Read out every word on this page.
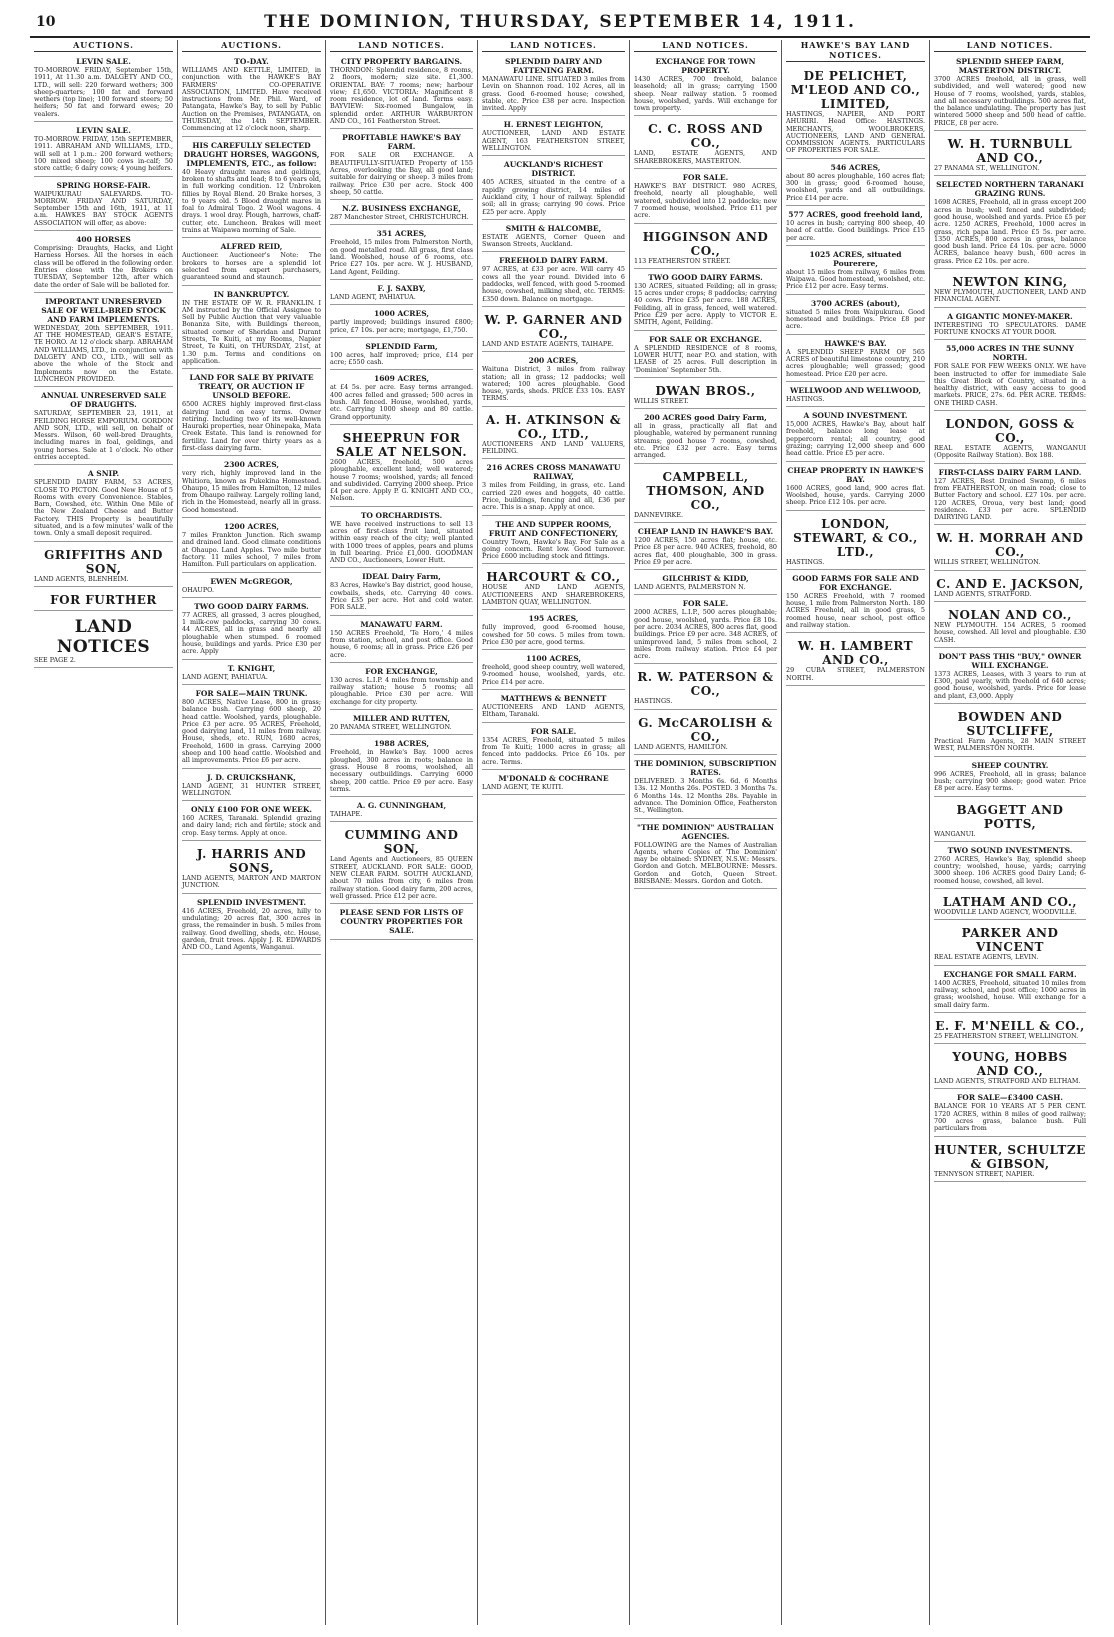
10	THE DOMINION, THURSDAY, SEPTEMBER 14, 1911.
AUCTIONS.
LEVIN SALE.

TO-MORROW. FRIDAY, September 15th, 1911, At 11.30 a.m. DALGETY AND CO., LTD., will sell: 220 forward wethers; 300 sheep-quarters; 100 fat and forward wethers (top line); 100 forward steers; 50 heifers; 50 fat and forward ewes; 20 vealers.

LEVIN SALE.

TO-MORROW. FRIDAY, 15th SEPTEMBER, 1911. ABRAHAM AND WILLIAMS, LTD., will sell at 1 p.m.: 200 forward wethers; 100 mixed sheep; 100 cows in-calf; 50 store cattle; 6 dairy cows; 4 young heifers.

SPRING HORSE-FAIR.

WAIPUKURAU SALEYARDS. TO-MORROW. FRIDAY AND SATURDAY, September 15th and 16th, 1911, at 11 a.m. HAWKES BAY STOCK AGENTS ASSOCIATION will offer, as above:

400 HORSES

Comprising: Draughts, Hacks, and Light Harness Horses. All the horses in each class will be offered in the following order. Entries close with the Brokers on TUESDAY, September 12th, after which date the order of Sale will be balloted for.

IMPORTANT UNRESERVED SALE OF WELL-BRED STOCK AND FARM IMPLEMENTS.

WEDNESDAY, 20th SEPTEMBER, 1911. AT THE HOMESTEAD, GEAR'S ESTATE, TE HORO. At 12 o'clock sharp. ABRAHAM AND WILLIAMS, LTD., in conjunction with DALGETY AND CO., LTD., will sell as above the whole of the Stock and Implements now on the Estate. LUNCHEON PROVIDED.

ANNUAL UNRESERVED SALE OF DRAUGHTS.

SATURDAY, SEPTEMBER 23, 1911, at FEILDING HORSE EMPORIUM. GORDON AND SON, LTD., will sell, on behalf of Messrs. Wilson, 60 well-bred Draughts, including mares in foal, geldings, and young horses. Sale at 1 o'clock. No other entries accepted.

A SNIP.

SPLENDID DAIRY FARM, 53 ACRES, CLOSE TO PICTON. Good New House of 5 Rooms with every Convenience. Stables, Barn, Cowshed, etc. Within One Mile of the New Zealand Cheese and Butter Factory. THIS Property is beautifully situated, and is a few minutes' walk of the town. Only a small deposit required.

GRIFFITHS AND SON,

LAND AGENTS, BLENHEIM.

FOR FURTHER
LAND NOTICES

SEE PAGE 2.

AUCTIONS.
TO-DAY.

WILLIAMS AND KETTLE, LIMITED, in conjunction with the HAWKE'S BAY FARMERS' CO-OPERATIVE ASSOCIATION, LIMITED. Have received instructions from Mr. Phil. Ward, of Patangata, Hawke's Bay, to sell by Public Auction on the Premises, PATANGATA, on THURSDAY, the 14th SEPTEMBER. Commencing at 12 o'clock noon, sharp.

HIS CAREFULLY SELECTED DRAUGHT HORSES, WAGGONS, IMPLEMENTS, ETC., as follow:

40 Heavy draught mares and geldings, broken to shafts and lead; 8 to 6 years old, in full working condition. 12 Unbroken fillies by Royal Blend. 20 Brake horses, 3 to 9 years old. 5 Blood draught mares in foal to Admiral Togo. 2 Wool wagons. 4 drays. 1 wool dray. Plough, harrows, chaff-cutter, etc. Luncheon. Brakes will meet trains at Waipawa morning of Sale.

ALFRED REID,

Auctioneer. Auctioneer's Note: The brokers to horses are a splendid lot selected from expert purchasers, guaranteed sound and staunch.

IN BANKRUPTCY.

IN THE ESTATE OF W. R. FRANKLIN. I AM instructed by the Official Assignee to Sell by Public Auction that very valuable Bonanza Site, with Buildings thereon, situated corner of Sheridan and Durant Streets, Te Kuiti, at my Rooms, Napier Street, Te Kuiti, on THURSDAY, 21st, at 1.30 p.m. Terms and conditions on application.

LAND FOR SALE BY PRIVATE TREATY, OR AUCTION IF UNSOLD BEFORE.

6500 ACRES highly improved first-class dairying land on easy terms. Owner retiring. Including two of its well-known Hauraki properties, near Ohinepaka, Mata Creek Estate. This land is renowned for fertility. Land for over thirty years as a first-class dairying farm.

2300 ACRES,

very rich, highly improved land in the Whitiora, known as Pukekina Homestead. Ohaupo, 15 miles from Hamilton, 12 miles from Ohaupo railway. Largely rolling land, rich in the Homestead, nearly all in grass. Good homestead.

1200 ACRES,

7 miles Frankton Junction. Rich swamp and drained land. Good climate conditions at Ohaupo. Land Apples. Two mile butter factory. 11 miles school, 7 miles from Hamilton. Full particulars on application.

EWEN McGREGOR,

OHAUPO.

TWO GOOD DAIRY FARMS.

77 ACRES, all grassed, 3 acres ploughed, 1 milk-cow paddocks, carrying 30 cows. 44 ACRES, all in grass and nearly all ploughable when stumped. 6 roomed house, buildings and yards. Price £30 per acre. Apply

T. KNIGHT,

LAND AGENT, PAHIATUA.

FOR SALE—MAIN TRUNK.

800 ACRES, Native Lease, 800 in grass; balance bush. Carrying 600 sheep, 20 head cattle. Woolshed, yards, ploughable. Price £3 per acre. 95 ACRES, Freehold, good dairying land, 11 miles from railway. House, sheds, etc. RUN, 1680 acres, Freehold, 1600 in grass. Carrying 2000 sheep and 100 head cattle. Woolshed and all improvements. Price £6 per acre.

J. D. CRUICKSHANK,

LAND AGENT, 31 HUNTER STREET, WELLINGTON.

ONLY £100 FOR ONE WEEK.

160 ACRES, Taranaki. Splendid grazing and dairy land; rich and fertile; stock and crop. Easy terms. Apply at once.

J. HARRIS AND SONS,

LAND AGENTS, MARTON AND MARTON JUNCTION.

SPLENDID INVESTMENT.

416 ACRES, Freehold, 20 acres, hilly to undulating; 20 acres flat, 300 acres in grass, the remainder in bush. 5 miles from railway. Good dwelling, sheds, etc. House, garden, fruit trees. Apply J. R. EDWARDS AND CO., Land Agents, Wanganui.

LAND NOTICES.
CITY PROPERTY BARGAINS.

THORNDON: Splendid residence, 8 rooms, 2 floors, modern; size site. £1,300. ORIENTAL BAY: 7 rooms; new; harbour view; £1,650. VICTORIA: Magnificent 8 room residence, lot of land. Terms easy. BAYVIEW: Six-roomed Bungalow, in splendid order. ARTHUR WARBURTON AND CO., 161 Featherston Street.

PROFITABLE HAWKE'S BAY FARM.

FOR SALE OR EXCHANGE. A BEAUTIFULLY-SITUATED Property of 155 Acres, overlooking the Bay, all good land; suitable for dairying or sheep. 3 miles from railway. Price £30 per acre. Stock 400 sheep, 50 cattle.

N.Z. BUSINESS EXCHANGE,

287 Manchester Street, CHRISTCHURCH.

351 ACRES,

Freehold, 15 miles from Palmerston North, on good metalled road. All grass, first class land. Woolshed, house of 6 rooms, etc. Price £27 10s. per acre. W. J. HUSBAND, Land Agent, Feilding.

F. J. SAXBY,

LAND AGENT, PAHIATUA.

1000 ACRES,

partly improved; buildings insured £800; price, £7 10s. per acre; mortgage, £1,750.

SPLENDID Farm,

100 acres, half improved; price, £14 per acre; £550 cash.

1609 ACRES,

at £4 5s. per acre. Easy terms arranged. 400 acres felled and grassed; 500 acres in bush. All fenced. House, woolshed, yards, etc. Carrying 1000 sheep and 80 cattle. Grand opportunity.

SHEEPRUN FOR SALE AT NELSON.

2600 ACRES, freehold, 500 acres ploughable, excellent land; well watered; house 7 rooms; woolshed, yards; all fenced and subdivided. Carrying 2000 sheep. Price £4 per acre. Apply P. G. KNIGHT AND CO., Nelson.

TO ORCHARDISTS.

WE have received instructions to sell 13 acres of first-class fruit land, situated within easy reach of the city; well planted with 1000 trees of apples, pears and plums in full bearing. Price £1,000. GOODMAN AND CO., Auctioneers, Lower Hutt.

IDEAL Dairy Farm,

83 Acres, Hawke's Bay district, good house, cowbails, sheds, etc. Carrying 40 cows. Price £35 per acre. Hot and cold water. FOR SALE.

MANAWATU FARM.

150 ACRES Freehold, 'Te Horo,' 4 miles from station, school, and post office. Good house, 6 rooms; all in grass. Price £26 per acre.

FOR EXCHANGE,

130 acres. L.I.P. 4 miles from township and railway station; house 5 rooms; all ploughable. Price £30 per acre. Will exchange for city property.

MILLER AND RUTTEN,

20 PANAMA STREET, WELLINGTON.

1988 ACRES,

Freehold, in Hawke's Bay. 1000 acres ploughed, 300 acres in roots; balance in grass. House 8 rooms, woolshed, all necessary outbuildings. Carrying 6000 sheep, 200 cattle. Price £9 per acre. Easy terms.

A. G. CUNNINGHAM,

TAIHAPE.

CUMMING AND SON,

Land Agents and Auctioneers, 85 QUEEN STREET, AUCKLAND. FOR SALE: GOOD, NEW CLEAR FARM. SOUTH AUCKLAND, about 70 miles from city, 6 miles from railway station. Good dairy farm, 200 acres, well grassed. Price £12 per acre.

PLEASE SEND FOR LISTS OF COUNTRY PROPERTIES FOR SALE.
LAND NOTICES.
SPLENDID DAIRY AND FATTENING FARM.

MANAWATU LINE. SITUATED 3 miles from Levin on Shannon road. 102 Acres, all in grass. Good 6-roomed house; cowshed, stable, etc. Price £38 per acre. Inspection invited. Apply

H. ERNEST LEIGHTON,

AUCTIONEER, LAND AND ESTATE AGENT, 163 FEATHERSTON STREET, WELLINGTON.

AUCKLAND'S RICHEST DISTRICT.

405 ACRES, situated in the centre of a rapidly growing district, 14 miles of Auckland city, 1 hour of railway. Splendid soil; all in grass; carrying 90 cows. Price £25 per acre. Apply

SMITH & HALCOMBE,

ESTATE AGENTS, Corner Queen and Swanson Streets, Auckland.

FREEHOLD DAIRY FARM.

97 ACRES, at £33 per acre. Will carry 45 cows all the year round. Divided into 6 paddocks, well fenced, with good 5-roomed house, cowshed, milking shed, etc. TERMS: £350 down. Balance on mortgage.

W. P. GARNER AND CO.,

LAND AND ESTATE AGENTS, TAIHAPE.

200 ACRES,

Waituna District, 3 miles from railway station; all in grass; 12 paddocks; well watered; 100 acres ploughable. Good house, yards, sheds. PRICE £33 10s. EASY TERMS.

A. H. ATKINSON & CO., LTD.,

AUCTIONEERS AND LAND VALUERS, FEILDING.

216 ACRES CROSS MANAWATU RAILWAY,

3 miles from Feilding, in grass, etc. Land carried 220 ewes and hoggets, 40 cattle. Price, buildings, fencing and all, £36 per acre. This is a snap. Apply at once.

THE AND SUPPER ROOMS, FRUIT AND CONFECTIONERY,

Country Town, Hawke's Bay. For Sale as a going concern. Rent low. Good turnover. Price £600 including stock and fittings.

HARCOURT & CO.,

HOUSE AND LAND AGENTS, AUCTIONEERS AND SHAREBROKERS, LAMBTON QUAY, WELLINGTON.

195 ACRES,

fully improved, good 6-roomed house, cowshed for 50 cows. 5 miles from town. Price £30 per acre, good terms.

1100 ACRES,

freehold, good sheep country, well watered, 9-roomed house, woolshed, yards, etc. Price £14 per acre.

MATTHEWS & BENNETT

AUCTIONEERS AND LAND AGENTS, Eltham, Taranaki.

FOR SALE.

1354 ACRES, Freehold, situated 5 miles from Te Kuiti; 1000 acres in grass; all fenced into paddocks. Price £6 10s. per acre. Terms.

M'DONALD & COCHRANE

LAND AGENT, TE KUITI.

LAND NOTICES.
EXCHANGE FOR TOWN PROPERTY.

1430 ACRES, 700 freehold, balance leasehold; all in grass; carrying 1500 sheep. Near railway station. 5 roomed house, woolshed, yards. Will exchange for town property.

C. C. ROSS AND CO.,

LAND, ESTATE AGENTS, AND SHAREBROKERS, MASTERTON.

FOR SALE.

HAWKE'S BAY DISTRICT. 980 ACRES, freehold, nearly all ploughable, well watered, subdivided into 12 paddocks; new 7 roomed house, woolshed. Price £11 per acre.

HIGGINSON AND CO.,

113 FEATHERSTON STREET.

TWO GOOD DAIRY FARMS.

130 ACRES, situated Feilding; all in grass; 15 acres under crops; 8 paddocks; carrying 40 cows. Price £35 per acre. 188 ACRES, Feilding, all in grass, fenced, well watered. Price £29 per acre. Apply to VICTOR E. SMITH, Agent, Feilding.

FOR SALE OR EXCHANGE.

A SPLENDID RESIDENCE of 8 rooms, LOWER HUTT, near P.O. and station, with LEASE of 25 acres. Full description in 'Dominion' September 5th.

DWAN BROS.,

WILLIS STREET.

200 ACRES good Dairy Farm,

all in grass, practically all flat and ploughable, watered by permanent running streams; good house 7 rooms, cowshed, etc. Price £32 per acre. Easy terms arranged.

CAMPBELL, THOMSON, AND CO.,

DANNEVIRKE.

CHEAP LAND IN HAWKE'S BAY.

1200 ACRES, 150 acres flat; house, etc. Price £8 per acre. 940 ACRES, freehold, 80 acres flat, 400 ploughable, 300 in grass. Price £9 per acre.

GILCHRIST & KIDD,

LAND AGENTS, PALMERSTON N.

FOR SALE.

2000 ACRES, L.I.P., 500 acres ploughable; good house, woolshed, yards. Price £8 10s. per acre. 2034 ACRES, 800 acres flat, good buildings. Price £9 per acre. 348 ACRES, of unimproved land, 5 miles from school, 2 miles from railway station. Price £4 per acre.

R. W. PATERSON & CO.,

HASTINGS.

G. McCAROLISH & CO.,

LAND AGENTS, HAMILTON.

THE DOMINION, SUBSCRIPTION RATES.

DELIVERED. 3 Months 6s. 6d. 6 Months 13s. 12 Months 26s. POSTED. 3 Months 7s. 6 Months 14s. 12 Months 28s. Payable in advance. The Dominion Office, Featherston St., Wellington.

"THE DOMINION" AUSTRALIAN AGENCIES.

FOLLOWING are the Names of Australian Agents, where Copies of 'The Dominion' may be obtained: SYDNEY, N.S.W.: Messrs. Gordon and Gotch. MELBOURNE: Messrs. Gordon and Gotch, Queen Street. BRISBANE: Messrs. Gordon and Gotch.

HAWKE'S BAY LAND NOTICES.
DE PELICHET, M'LEOD AND CO., LIMITED,

HASTINGS, NAPIER, AND PORT AHURIRI. Head Office: HASTINGS. MERCHANTS, WOOLBROKERS, AUCTIONEERS, LAND AND GENERAL COMMISSION AGENTS. PARTICULARS OF PROPERTIES FOR SALE.

546 ACRES,

about 80 acres ploughable, 160 acres flat; 300 in grass; good 6-roomed house, woolshed, yards and all outbuildings. Price £14 per acre.

577 ACRES, good freehold land,

10 acres in bush; carrying 800 sheep, 40 head of cattle. Good buildings. Price £15 per acre.

1025 ACRES, situated Pourerere,

about 15 miles from railway, 6 miles from Waipawa. Good homestead, woolshed, etc. Price £12 per acre. Easy terms.

3700 ACRES (about),

situated 5 miles from Waipukurau. Good homestead and buildings. Price £8 per acre.

HAWKE'S BAY.

A SPLENDID SHEEP FARM OF 565 ACRES of beautiful limestone country, 210 acres ploughable; well grassed; good homestead. Price £20 per acre.

WELLWOOD AND WELLWOOD,

HASTINGS.

A SOUND INVESTMENT.

15,000 ACRES, Hawke's Bay, about half freehold, balance long lease at peppercorn rental; all country, good grazing; carrying 12,000 sheep and 600 head cattle. Price £5 per acre.

CHEAP PROPERTY IN HAWKE'S BAY.

1600 ACRES, good land, 900 acres flat. Woolshed, house, yards. Carrying 2000 sheep. Price £12 10s. per acre.

LONDON, STEWART, & CO., LTD.,

HASTINGS.

GOOD FARMS FOR SALE AND FOR EXCHANGE.

150 ACRES Freehold, with 7 roomed house, 1 mile from Palmerston North. 180 ACRES Freehold, all in good grass, 5 roomed house, near school, post office and railway station.

W. H. LAMBERT AND CO.,

29 CUBA STREET, PALMERSTON NORTH.

LAND NOTICES.
SPLENDID SHEEP FARM, MASTERTON DISTRICT.

3700 ACRES freehold, all in grass, well subdivided, and well watered; good new House of 7 rooms, woolshed, yards, stables, and all necessary outbuildings. 500 acres flat, the balance undulating. The property has just wintered 5000 sheep and 500 head of cattle. PRICE, £8 per acre.

W. H. TURNBULL AND CO.,

27 PANAMA ST., WELLINGTON.

SELECTED NORTHERN TARANAKI GRAZING RUNS.

1698 ACRES, Freehold, all in grass except 200 acres in bush; well fenced and subdivided; good house, woolshed and yards. Price £5 per acre. 1250 ACRES, Freehold, 1000 acres in grass, rich papa land. Price £5 5s. per acre. 1350 ACRES, 800 acres in grass, balance good bush land. Price £4 10s. per acre. 5000 ACRES, balance heavy bush, 600 acres in grass. Price £2 10s. per acre.

NEWTON KING,

NEW PLYMOUTH, AUCTIONEER, LAND AND FINANCIAL AGENT.

A GIGANTIC MONEY-MAKER.

INTERESTING TO SPECULATORS. DAME FORTUNE KNOCKS AT YOUR DOOR.

55,000 ACRES IN THE SUNNY NORTH.

FOR SALE FOR FEW WEEKS ONLY. WE have been instructed to offer for immediate Sale this Great Block of Country, situated in a healthy district, with easy access to good markets. PRICE, 27s. 6d. PER ACRE. TERMS: ONE THIRD CASH.

LONDON, GOSS & CO.,

REAL ESTATE AGENTS, WANGANUI (Opposite Railway Station). Box 188.

FIRST-CLASS DAIRY FARM LAND.

127 ACRES, Best Drained Swamp, 6 miles from FEATHERSTON, on main road; close to Butter Factory and school. £27 10s. per acre. 120 ACRES, Oroua, very best land; good residence. £33 per acre. SPLENDID DAIRYING LAND.

W. H. MORRAH AND CO.,

WILLIS STREET, WELLINGTON.

C. AND E. JACKSON,

LAND AGENTS, STRATFORD.

NOLAN AND CO.,

NEW PLYMOUTH. 154 ACRES, 5 roomed house, cowshed. All level and ploughable. £30 CASH.

DON'T PASS THIS "BUY," OWNER WILL EXCHANGE.

1373 ACRES, Leases, with 3 years to run at £300, paid yearly, with freehold of 640 acres; good house, woolshed, yards. Price for lease and plant, £3,000. Apply

BOWDEN AND SUTCLIFFE,

Practical Farm Agents, 28 MAIN STREET WEST, PALMERSTON NORTH.

SHEEP COUNTRY.

996 ACRES, Freehold, all in grass; balance bush; carrying 900 sheep; good water. Price £8 per acre. Easy terms.

BAGGETT AND POTTS,

WANGANUI.

TWO SOUND INVESTMENTS.

2760 ACRES, Hawke's Bay, splendid sheep country; woolshed, house, yards; carrying 3000 sheep. 106 ACRES good Dairy Land; 6-roomed house, cowshed, all level.

LATHAM AND CO.,

WOODVILLE LAND AGENCY, WOODVILLE.

PARKER AND VINCENT

REAL ESTATE AGENTS, LEVIN.

EXCHANGE FOR SMALL FARM.

1400 ACRES, Freehold, situated 10 miles from railway, school, and post office; 1000 acres in grass; woolshed, house. Will exchange for a small dairy farm.

E. F. M'NEILL & CO.,

25 FEATHERSTON STREET, WELLINGTON.

YOUNG, HOBBS AND CO.,

LAND AGENTS, STRATFORD AND ELTHAM.

FOR SALE—£3400 CASH.

BALANCE FOR 10 YEARS AT 5 PER CENT. 1720 ACRES, within 8 miles of good railway; 700 acres grass, balance bush. Full particulars from

HUNTER, SCHULTZE & GIBSON,

TENNYSON STREET, NAPIER.
